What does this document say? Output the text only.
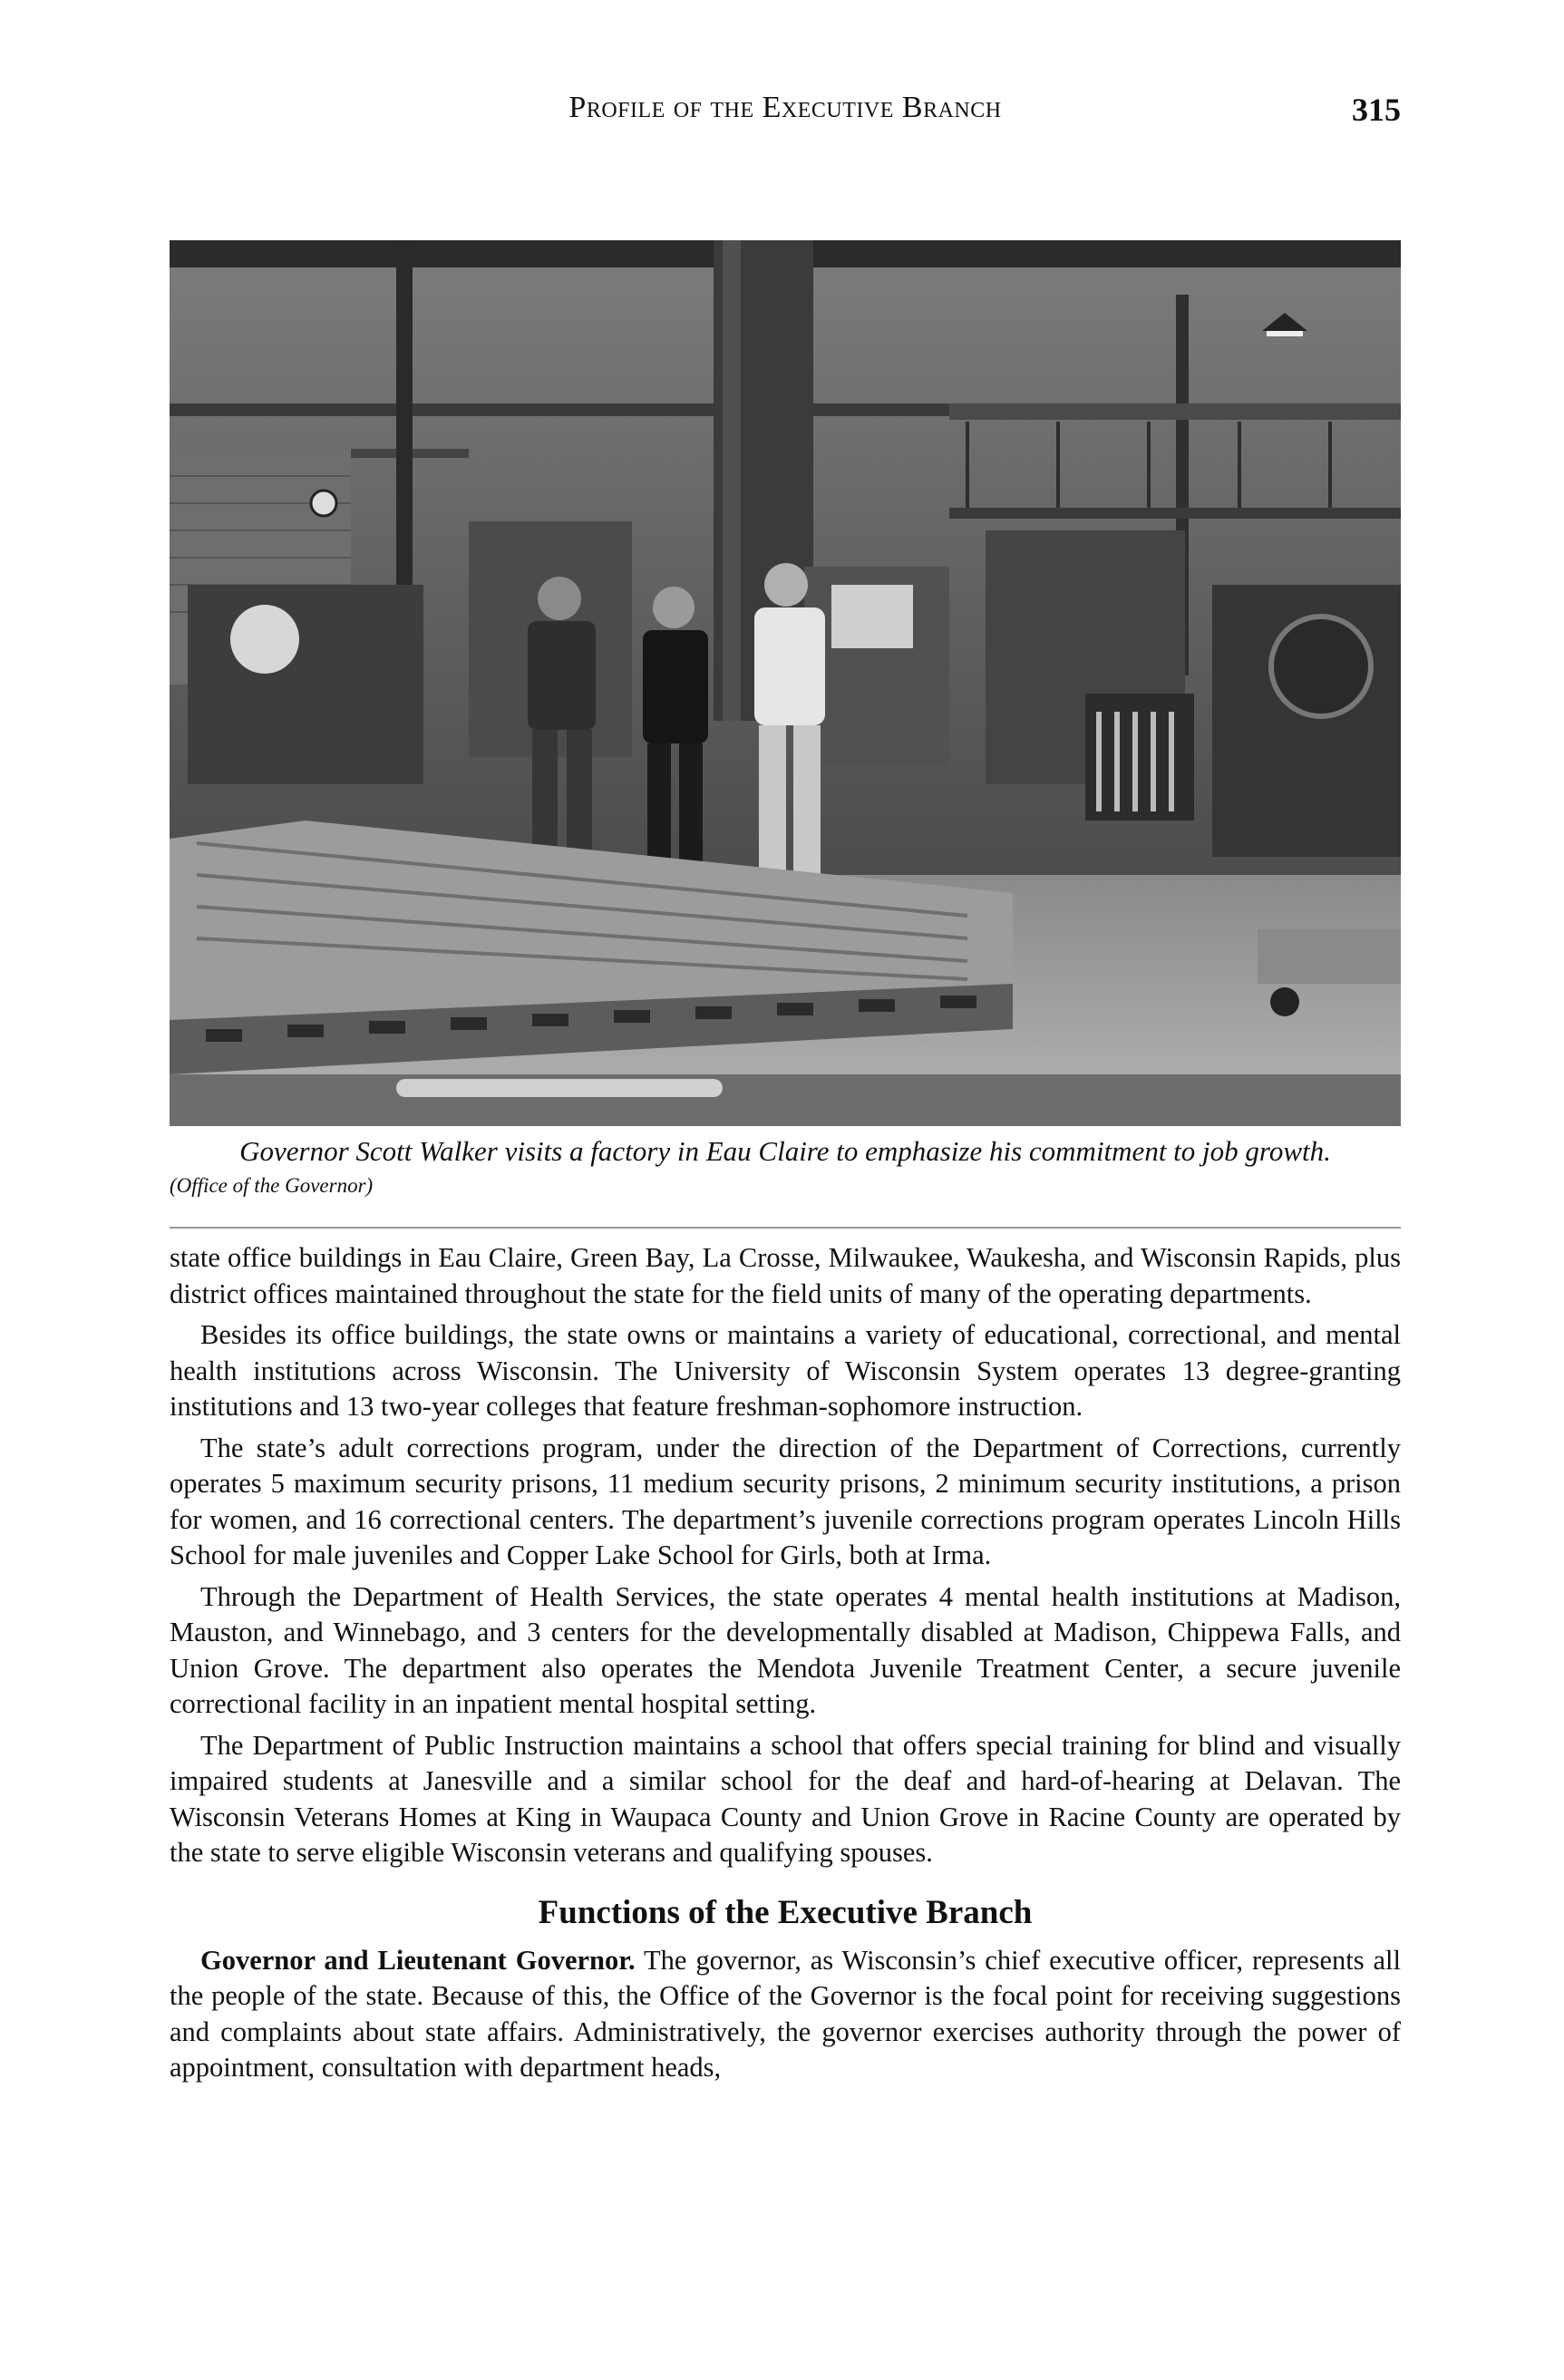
Profile of the Executive Branch	315
Governor Scott Walker visits a factory in Eau Claire to emphasize his commitment to job growth.
(Office of the Governor)

state office buildings in Eau Claire, Green Bay, La Crosse, Milwaukee, Waukesha, and Wisconsin Rapids, plus district offices maintained throughout the state for the field units of many of the operating departments.

Besides its office buildings, the state owns or maintains a variety of educational, correctional, and mental health institutions across Wisconsin. The University of Wisconsin System operates 13 degree-granting institutions and 13 two-year colleges that feature freshman-sophomore instruction.

The state’s adult corrections program, under the direction of the Department of Corrections, currently operates 5 maximum security prisons, 11 medium security prisons, 2 minimum security institutions, a prison for women, and 16 correctional centers. The department’s juvenile corrections program operates Lincoln Hills School for male juveniles and Copper Lake School for Girls, both at Irma.

Through the Department of Health Services, the state operates 4 mental health institutions at Madison, Mauston, and Winnebago, and 3 centers for the developmentally disabled at Madison, Chippewa Falls, and Union Grove. The department also operates the Mendota Juvenile Treatment Center, a secure juvenile correctional facility in an inpatient mental hospital setting.

The Department of Public Instruction maintains a school that offers special training for blind and visually impaired students at Janesville and a similar school for the deaf and hard-of-hearing at Delavan. The Wisconsin Veterans Homes at King in Waupaca County and Union Grove in Racine County are operated by the state to serve eligible Wisconsin veterans and qualifying spouses.

Functions of the Executive Branch

Governor and Lieutenant Governor. The governor, as Wisconsin’s chief executive officer, represents all the people of the state. Because of this, the Office of the Governor is the focal point for receiving suggestions and complaints about state affairs. Administratively, the governor exercises authority through the power of appointment, consultation with department heads,
